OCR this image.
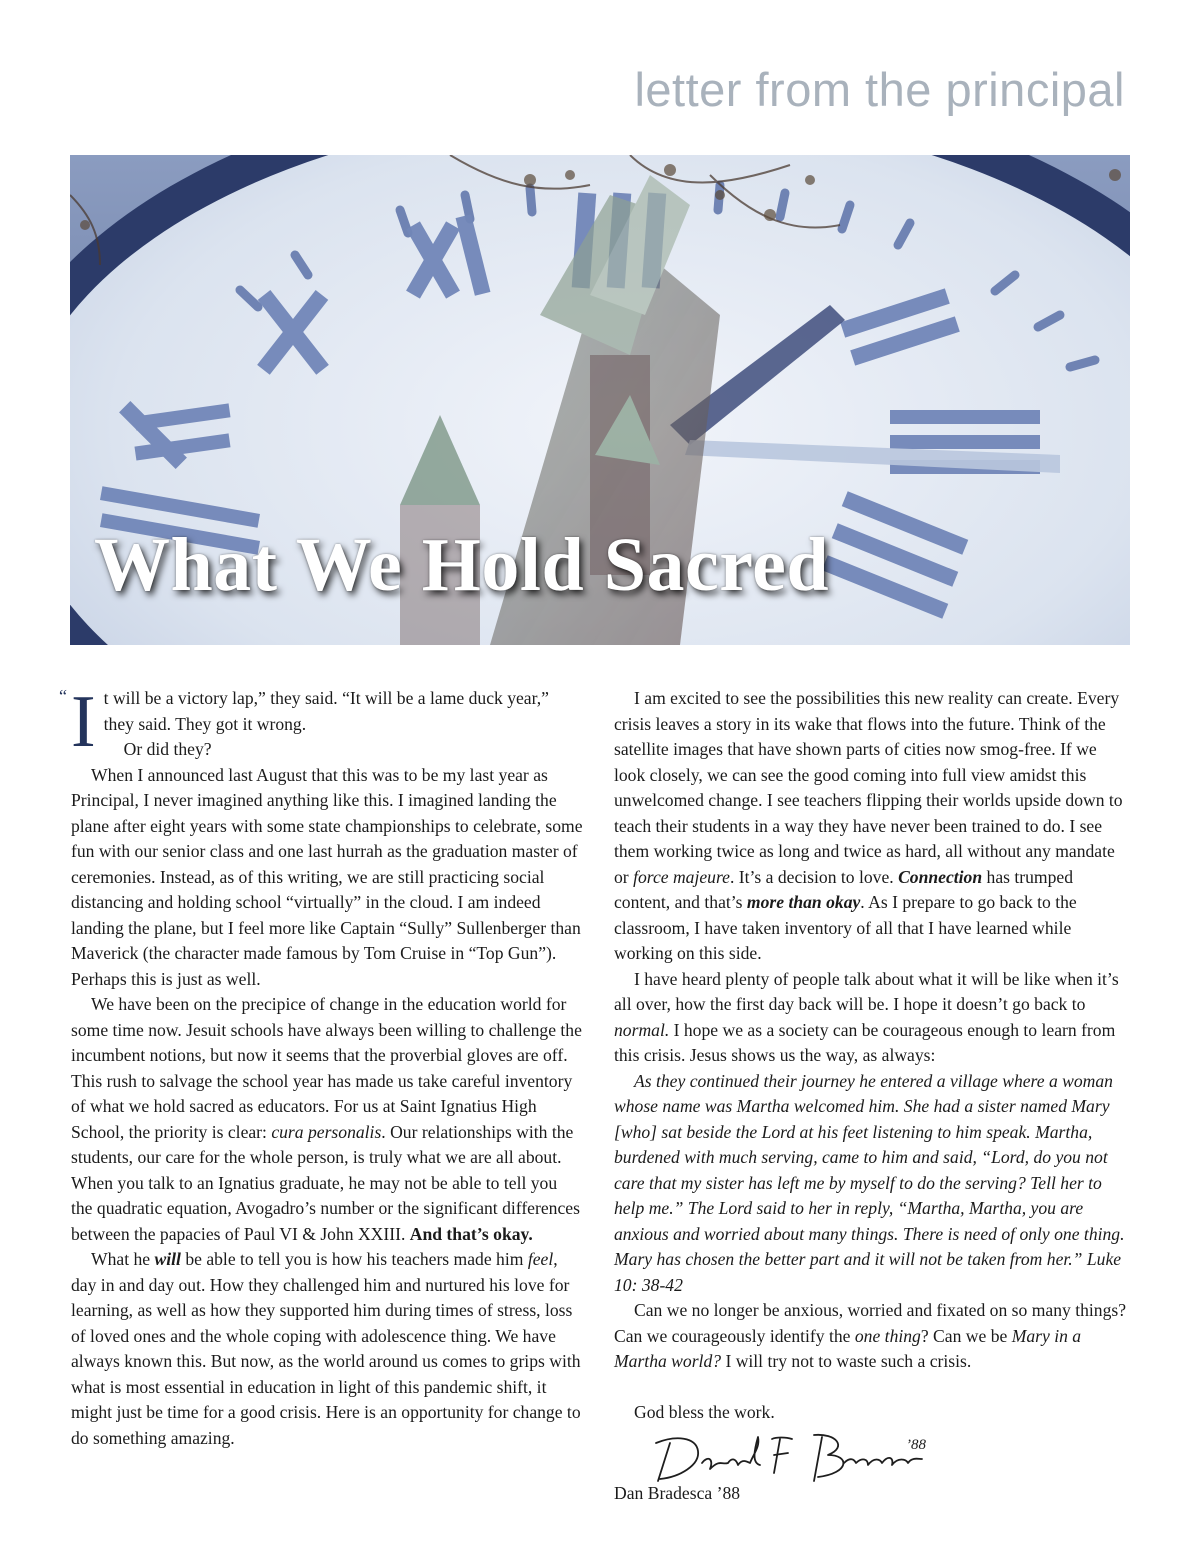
letter from the principal
What We Hold Sacred
“ I t will be a victory lap,” they said. “It will be a lame duck year,” they said. They got it wrong.
Or did they?

When I announced last August that this was to be my last year as Principal, I never imagined anything like this. I imagined landing the plane after eight years with some state championships to celebrate, some fun with our senior class and one last hurrah as the graduation master of ceremonies. Instead, as of this writing, we are still practicing social distancing and holding school “virtually” in the cloud. I am indeed landing the plane, but I feel more like Captain “Sully” Sullenberger than Maverick (the character made famous by Tom Cruise in “Top Gun”). Perhaps this is just as well.

We have been on the precipice of change in the education world for some time now. Jesuit schools have always been willing to challenge the incumbent notions, but now it seems that the proverbial gloves are off. This rush to salvage the school year has made us take careful inventory of what we hold sacred as educators. For us at Saint Ignatius High School, the priority is clear: cura personalis. Our relationships with the students, our care for the whole person, is truly what we are all about. When you talk to an Ignatius graduate, he may not be able to tell you the quadratic equation, Avogadro’s number or the significant differences between the papacies of Paul VI & John XXIII. And that’s okay.

What he will be able to tell you is how his teachers made him feel, day in and day out. How they challenged him and nurtured his love for learning, as well as how they supported him during times of stress, loss of loved ones and the whole coping with adolescence thing. We have always known this. But now, as the world around us comes to grips with what is most essential in education in light of this pandemic shift, it might just be time for a good crisis. Here is an opportunity for change to do something amazing.

I am excited to see the possibilities this new reality can create. Every crisis leaves a story in its wake that flows into the future. Think of the satellite images that have shown parts of cities now smog-free. If we look closely, we can see the good coming into full view amidst this unwelcomed change. I see teachers flipping their worlds upside down to teach their students in a way they have never been trained to do. I see them working twice as long and twice as hard, all without any mandate or force majeure. It’s a decision to love. Connection has trumped content, and that’s more than okay. As I prepare to go back to the classroom, I have taken inventory of all that I have learned while working on this side.

I have heard plenty of people talk about what it will be like when it’s all over, how the first day back will be. I hope it doesn’t go back to normal. I hope we as a society can be courageous enough to learn from this crisis. Jesus shows us the way, as always:

As they continued their journey he entered a village where a woman whose name was Martha welcomed him. She had a sister named Mary [who] sat beside the Lord at his feet listening to him speak. Martha, burdened with much serving, came to him and said, “Lord, do you not care that my sister has left me by myself to do the serving? Tell her to help me.” The Lord said to her in reply, “Martha, Martha, you are anxious and worried about many things. There is need of only one thing. Mary has chosen the better part and it will not be taken from her.” Luke 10: 38-42

Can we no longer be anxious, worried and fixated on so many things? Can we courageously identify the one thing? Can we be Mary in a Martha world? I will try not to waste such a crisis.

God bless the work.

’88

Dan Bradesca ’88
